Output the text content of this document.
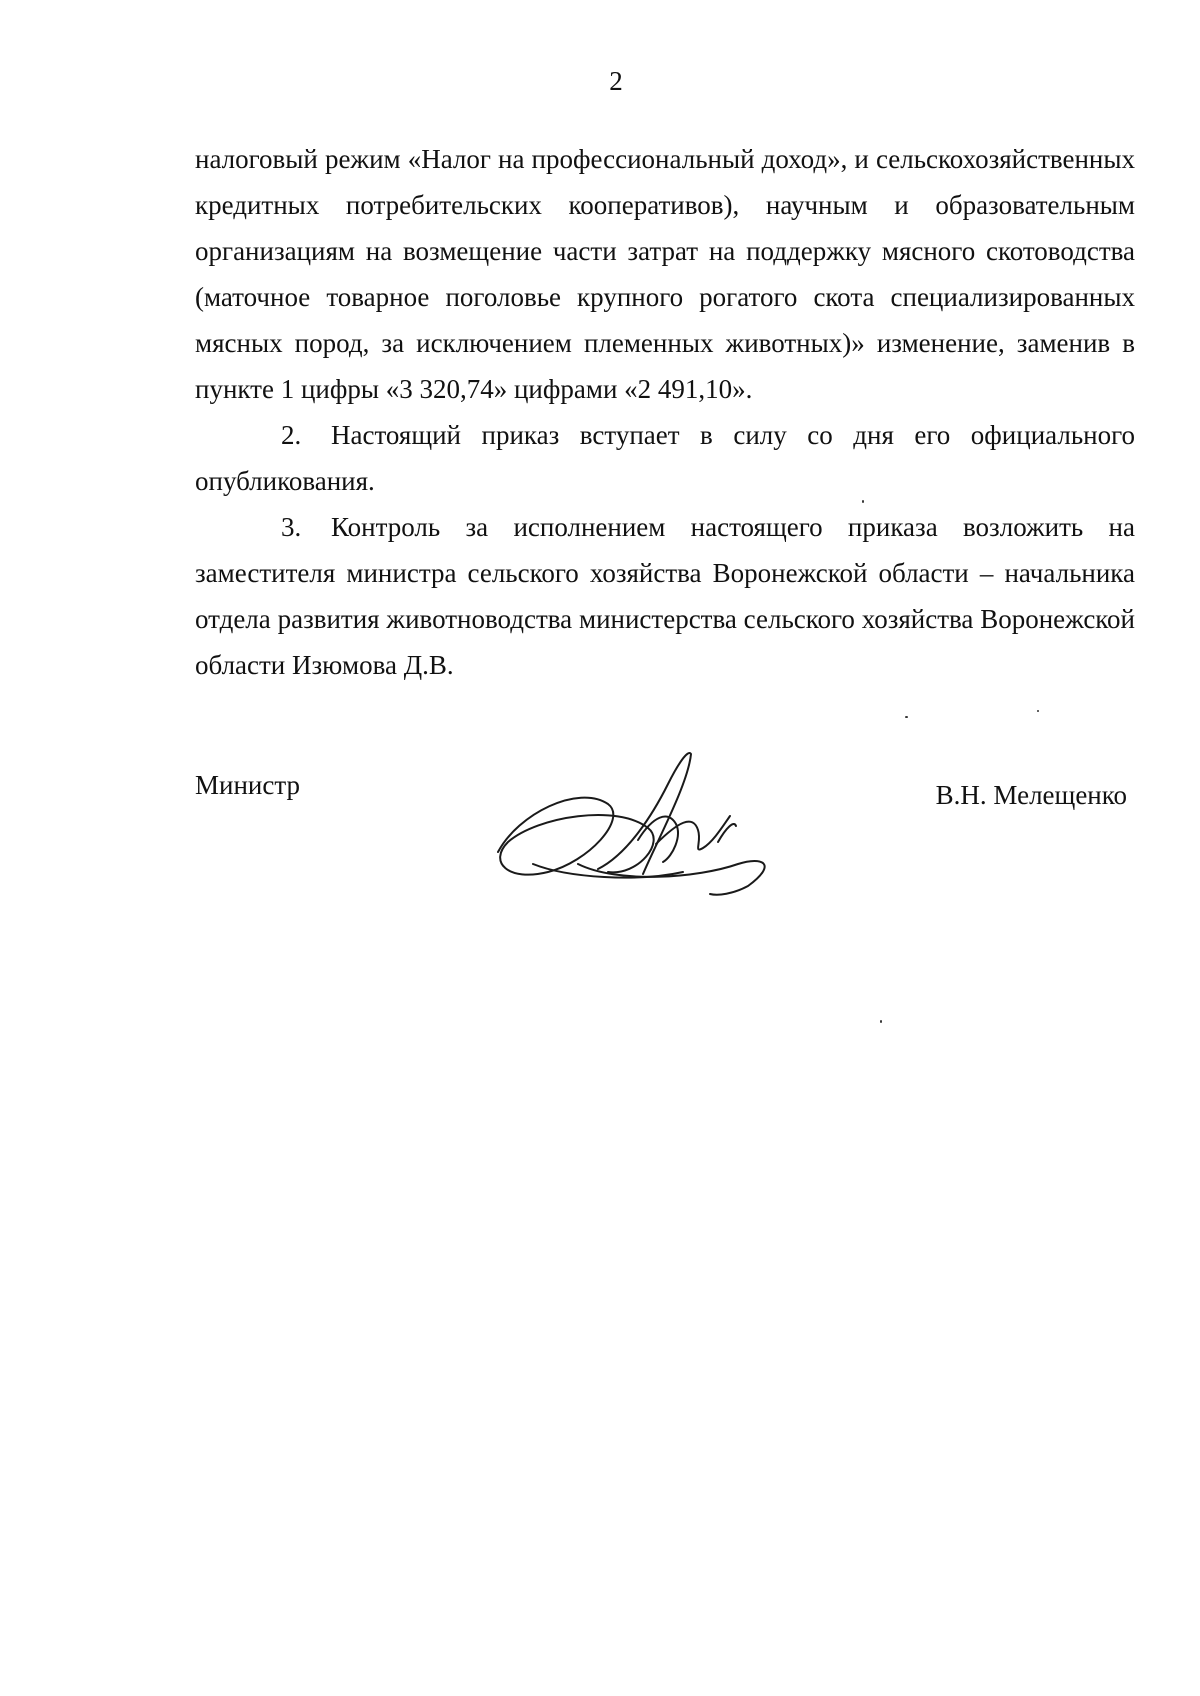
2

налоговый режим «Налог на профессиональный доход», и сельскохозяйственных кредитных потребительских кооперативов), научным и образовательным организациям на возмещение части затрат на поддержку мясного скотоводства (маточное товарное поголовье крупного рогатого скота специализированных мясных пород, за исключением племенных животных)» изменение, заменив в пункте 1 цифры «3 320,74» цифрами «2 491,10».

2. Настоящий приказ вступает в силу со дня его официального опубликования.

3. Контроль за исполнением настоящего приказа возложить на заместителя министра сельского хозяйства Воронежской области – начальника отдела развития животноводства министерства сельского хозяйства Воронежской области Изюмова Д.В.

Министр	В.Н. Мелещенко
